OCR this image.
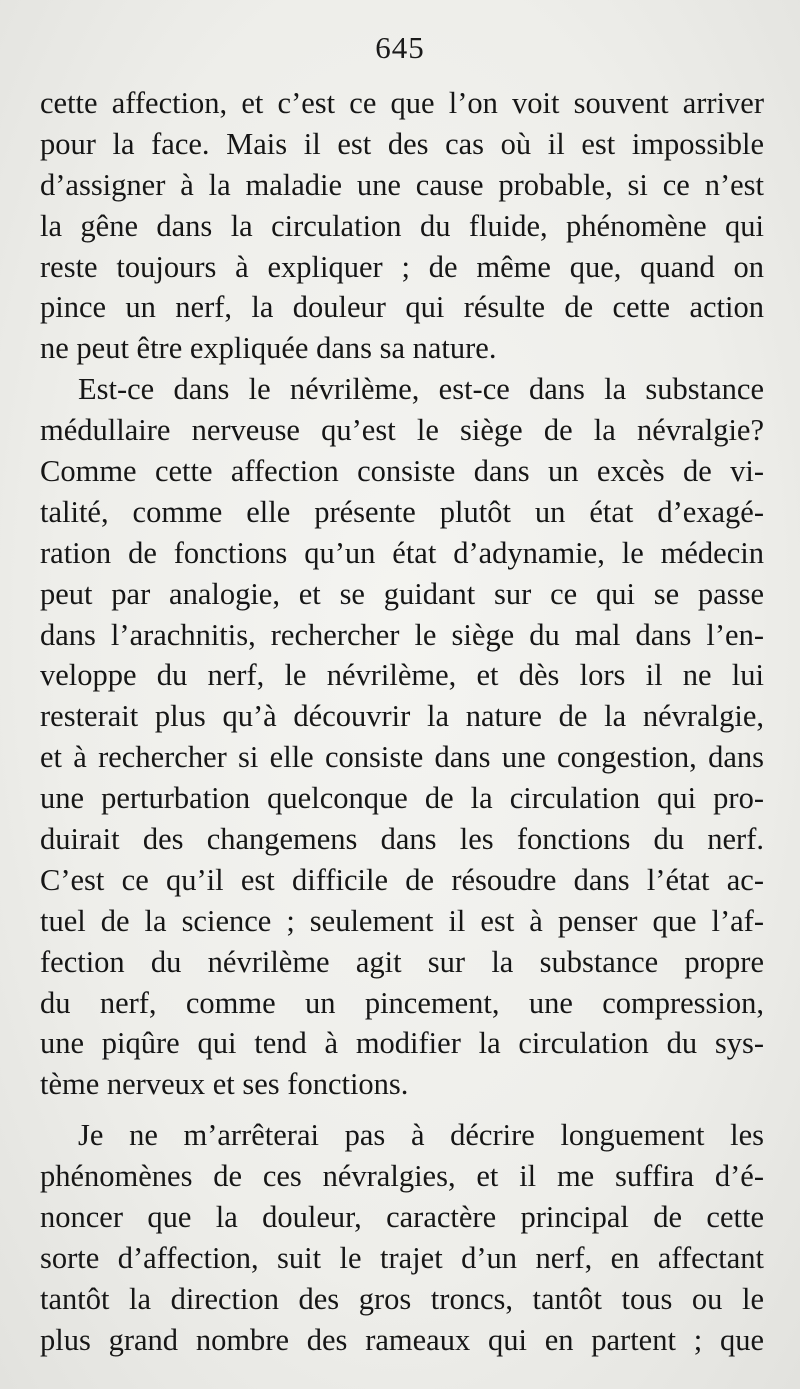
645
cette affection, et c’est ce que l’on voit souvent arriver
pour la face. Mais il est des cas où il est impossible
d’assigner à la maladie une cause probable, si ce n’est
la gêne dans la circulation du fluide, phénomène qui
reste toujours à expliquer ; de même que, quand on
pince un nerf, la douleur qui résulte de cette action
ne peut être expliquée dans sa nature.
Est-ce dans le névrilème, est-ce dans la substance
médullaire nerveuse qu’est le siège de la névralgie?
Comme cette affection consiste dans un excès de vi-
talité, comme elle présente plutôt un état d’exagé-
ration de fonctions qu’un état d’adynamie, le médecin
peut par analogie, et se guidant sur ce qui se passe
dans l’arachnitis, rechercher le siège du mal dans l’en-
veloppe du nerf, le névrilème, et dès lors il ne lui
resterait plus qu’à découvrir la nature de la névralgie,
et à rechercher si elle consiste dans une congestion, dans
une perturbation quelconque de la circulation qui pro-
duirait des changemens dans les fonctions du nerf.
C’est ce qu’il est difficile de résoudre dans l’état ac-
tuel de la science ; seulement il est à penser que l’af-
fection du névrilème agit sur la substance propre
du nerf, comme un pincement, une compression,
une piqûre qui tend à modifier la circulation du sys-
tème nerveux et ses fonctions.
Je ne m’arrêterai pas à décrire longuement les
phénomènes de ces névralgies, et il me suffira d’é-
noncer que la douleur, caractère principal de cette
sorte d’affection, suit le trajet d’un nerf, en affectant
tantôt la direction des gros troncs, tantôt tous ou le
plus grand nombre des rameaux qui en partent ; que
